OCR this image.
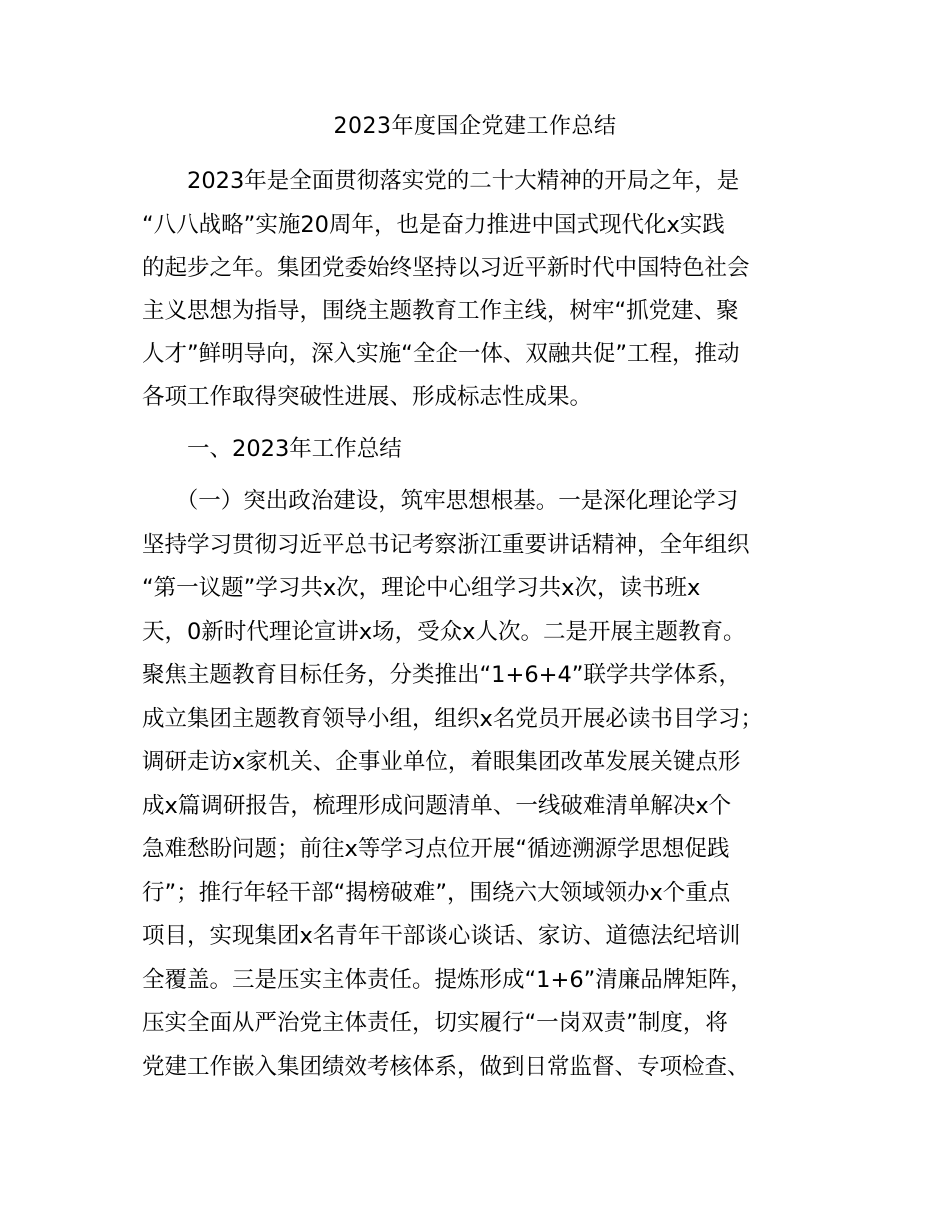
2023年度国企党建工作总结

　　2023年是全面贯彻落实党的二十大精神的开局之年，是

“八八战略”实施20周年，也是奋力推进中国式现代化x实践

的起步之年。集团党委始终坚持以习近平新时代中国特色社会

主义思想为指导，围绕主题教育工作主线，树牢“抓党建、聚

人才”鲜明导向，深入实施“全企一体、双融共促”工程，推动

各项工作取得突破性进展、形成标志性成果。

　　一、2023年工作总结

　　（一）突出政治建设，筑牢思想根基。一是深化理论学习

坚持学习贯彻习近平总书记考察浙江重要讲话精神，全年组织

“第一议题”学习共x次，理论中心组学习共x次，读书班x

天，0新时代理论宣讲x场，受众x人次。二是开展主题教育。

聚焦主题教育目标任务，分类推出“1+6+4”联学共学体系，

成立集团主题教育领导小组，组织x名党员开展必读书目学习；

调研走访x家机关、企事业单位，着眼集团改革发展关键点形

成x篇调研报告，梳理形成问题清单、一线破难清单解决x个

急难愁盼问题；前往x等学习点位开展“循迹溯源学思想促践

行”；推行年轻干部“揭榜破难”，围绕六大领域领办x个重点

项目，实现集团x名青年干部谈心谈话、家访、道德法纪培训

全覆盖。三是压实主体责任。提炼形成“1+6”清廉品牌矩阵，

压实全面从严治党主体责任，切实履行“一岗双责”制度，将

党建工作嵌入集团绩效考核体系，做到日常监督、专项检查、
